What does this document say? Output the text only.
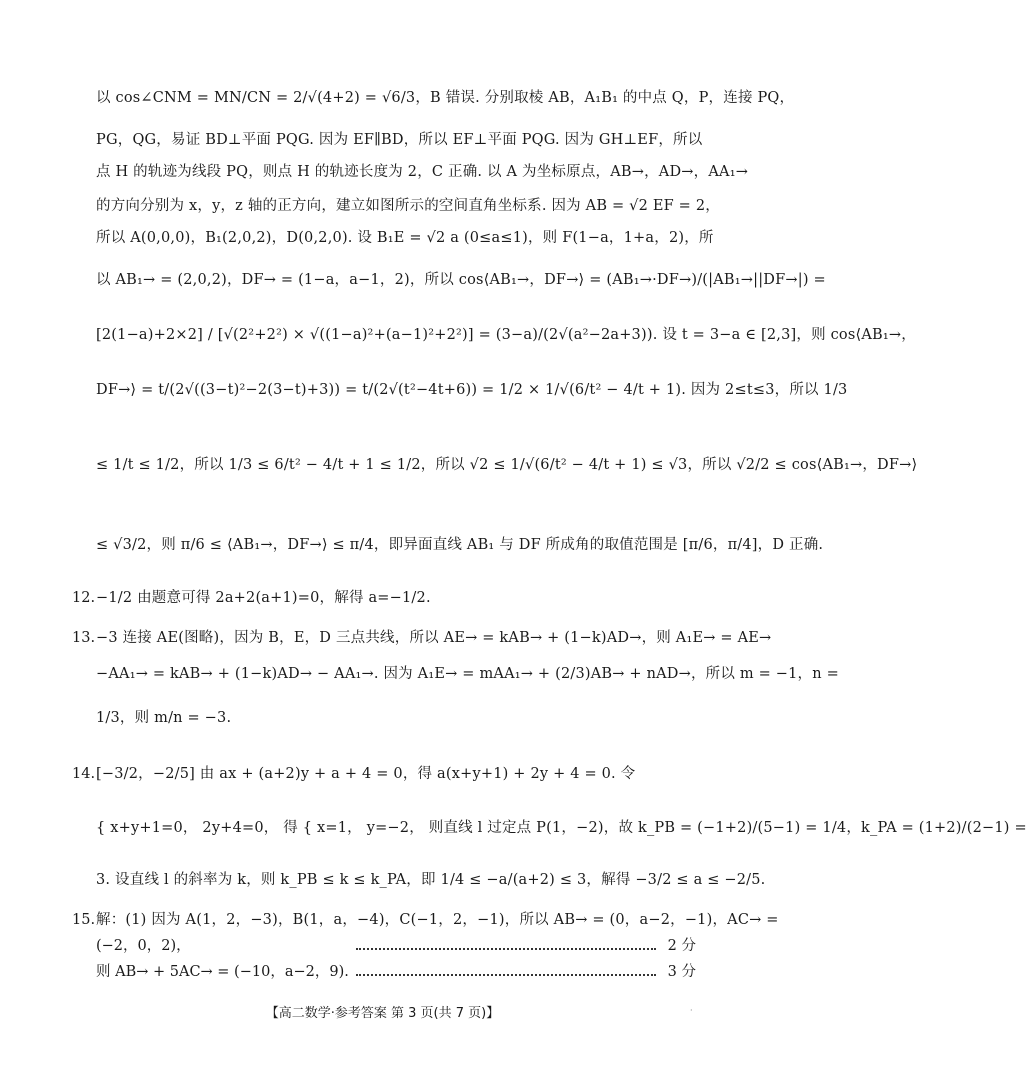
以 cos∠CNM = MN/CN = 2/√(4+2) = √6/3，B 错误. 分别取棱 AB，A₁B₁ 的中点 Q，P，连接 PQ，
PG，QG，易证 BD⊥平面 PQG. 因为 EF∥BD，所以 EF⊥平面 PQG. 因为 GH⊥EF，所以
点 H 的轨迹为线段 PQ，则点 H 的轨迹长度为 2，C 正确. 以 A 为坐标原点，AB→，AD→，AA₁→
的方向分别为 x，y，z 轴的正方向，建立如图所示的空间直角坐标系. 因为 AB = √2 EF = 2，
所以 A(0,0,0)，B₁(2,0,2)，D(0,2,0). 设 B₁E = √2 a (0≤a≤1)，则 F(1−a，1+a，2)，所
以 AB₁→ = (2,0,2)，DF→ = (1−a，a−1，2)，所以 cos⟨AB₁→，DF→⟩ = (AB₁→·DF→)/(|AB₁→||DF→|) =
[2(1−a)+2×2] / [√(2²+2²) × √((1−a)²+(a−1)²+2²)] = (3−a)/(2√(a²−2a+3)). 设 t = 3−a ∈ [2,3]，则 cos⟨AB₁→，
DF→⟩ = t/(2√((3−t)²−2(3−t)+3)) = t/(2√(t²−4t+6)) = 1/2 × 1/√(6/t² − 4/t + 1). 因为 2≤t≤3，所以 1/3
≤ 1/t ≤ 1/2，所以 1/3 ≤ 6/t² − 4/t + 1 ≤ 1/2，所以 √2 ≤ 1/√(6/t² − 4/t + 1) ≤ √3，所以 √2/2 ≤ cos⟨AB₁→，DF→⟩
≤ √3/2，则 π/6 ≤ ⟨AB₁→，DF→⟩ ≤ π/4，即异面直线 AB₁ 与 DF 所成角的取值范围是 [π/6，π/4]，D 正确.
12. −1/2 由题意可得 2a+2(a+1)=0，解得 a=−1/2.
13. −3 连接 AE(图略)，因为 B，E，D 三点共线，所以 AE→ = kAB→ + (1−k)AD→，则 A₁E→ = AE→
−AA₁→ = kAB→ + (1−k)AD→ − AA₁→. 因为 A₁E→ = mAA₁→ + (2/3)AB→ + nAD→，所以 m = −1，n =
1/3，则 m/n = −3.
14. [−3/2，−2/5] 由 ax + (a+2)y + a + 4 = 0，得 a(x+y+1) + 2y + 4 = 0. 令
{ x+y+1=0， 2y+4=0， 得 { x=1， y=−2， 则直线 l 过定点 P(1，−2)，故 k_PB = (−1+2)/(5−1) = 1/4，k_PA = (1+2)/(2−1) =
3. 设直线 l 的斜率为 k，则 k_PB ≤ k ≤ k_PA，即 1/4 ≤ −a/(a+2) ≤ 3，解得 −3/2 ≤ a ≤ −2/5.
15. 解：(1) 因为 A(1，2，−3)，B(1，a，−4)，C(−1，2，−1)，所以 AB→ = (0，a−2，−1)，AC→ =
(−2，0，2)，	2 分
则 AB→ + 5AC→ = (−10，a−2，9).	3 分
【高二数学·参考答案 第 3 页(共 7 页)】	·
